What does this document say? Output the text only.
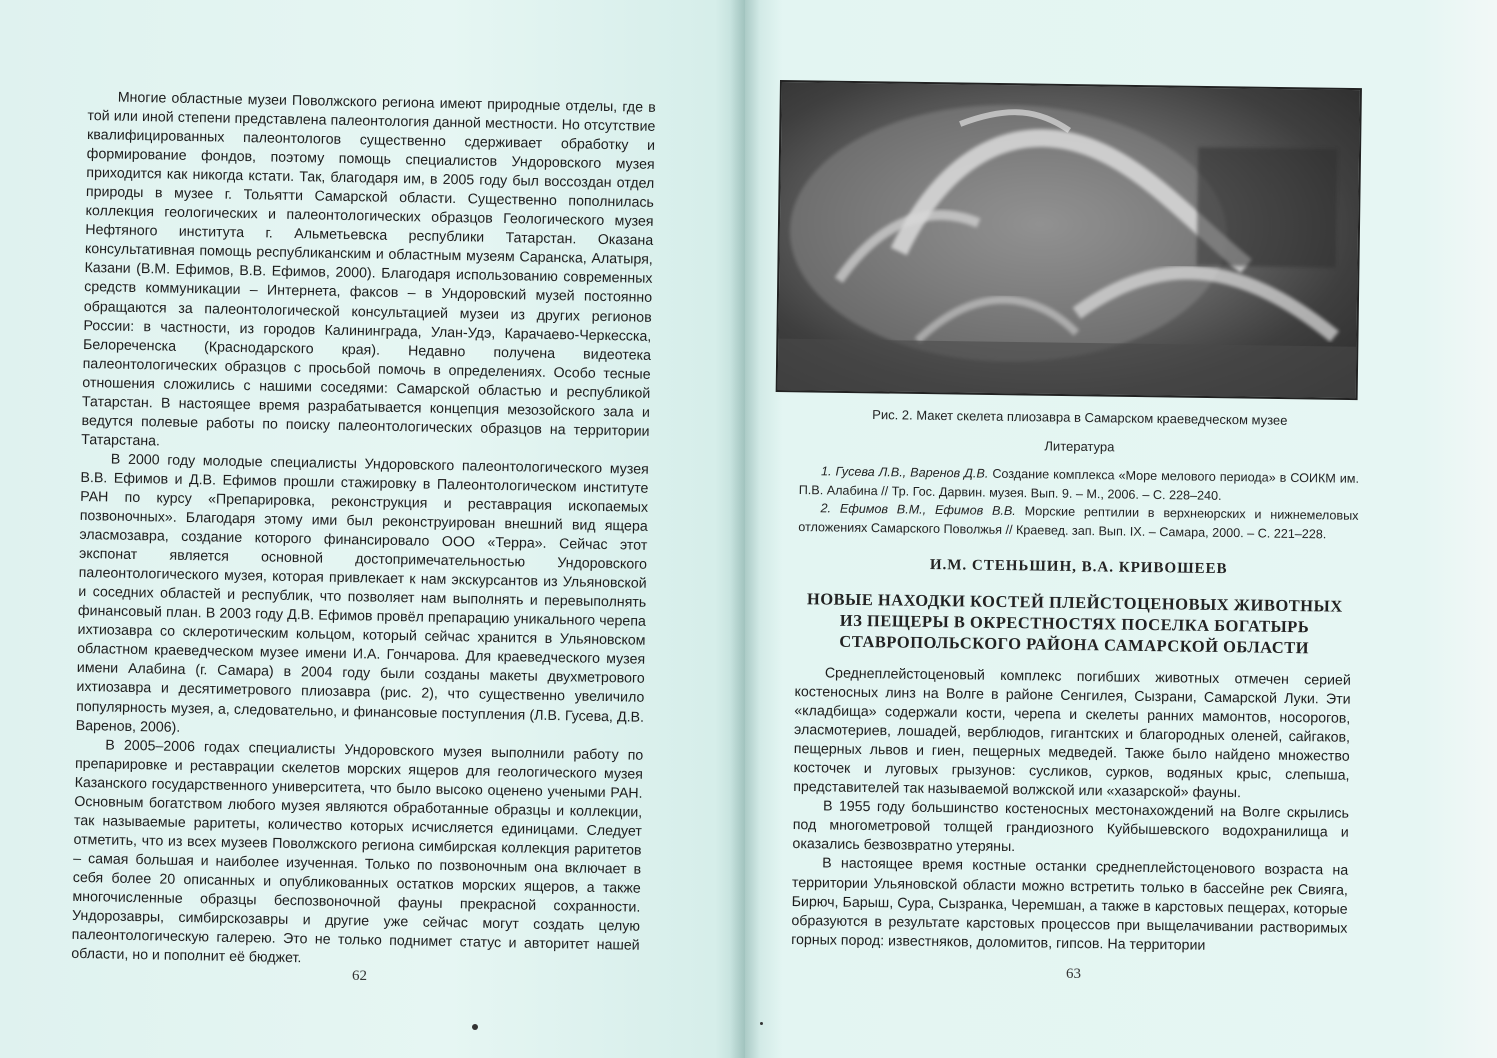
Многие областные музеи Поволжского региона имеют природные отделы, где в той или иной степени представлена палеонтология данной местности. Но отсутствие квалифицированных палеонтологов существенно сдерживает обработку и формирование фондов, поэтому помощь специалистов Ундоровского музея приходится как никогда кстати. Так, благодаря им, в 2005 году был воссоздан отдел природы в музее г. Тольятти Самарской области. Существенно пополнилась коллекция геологических и палеонтологических образцов Геологического музея Нефтяного института г. Альметьевска республики Татарстан. Оказана консультативная помощь республиканским и областным музеям Саранска, Алатыря, Казани (В.М. Ефимов, В.В. Ефимов, 2000). Благодаря использованию современных средств коммуникации – Интернета, факсов – в Ундоровский музей постоянно обращаются за палеонтологической консультацией музеи из других регионов России: в частности, из городов Калининграда, Улан-Удэ, Карачаево-Черкесска, Белореченска (Краснодарского края). Недавно получена видеотека палеонтологических образцов с просьбой помочь в определениях. Особо тесные отношения сложились с нашими соседями: Самарской областью и республикой Татарстан. В настоящее время разрабатывается концепция мезозойского зала и ведутся полевые работы по поиску палеонтологических образцов на территории Татарстана.

В 2000 году молодые специалисты Ундоровского палеонтологического музея В.В. Ефимов и Д.В. Ефимов прошли стажировку в Палеонтологическом институте РАН по курсу «Препарировка, реконструкция и реставрация ископаемых позвоночных». Благодаря этому ими был реконструирован внешний вид ящера эласмозавра, создание которого финансировало ООО «Терра». Сейчас этот экспонат является основной достопримечательностью Ундоровского палеонтологического музея, которая привлекает к нам экскурсантов из Ульяновской и соседних областей и республик, что позволяет нам выполнять и перевыполнять финансовый план. В 2003 году Д.В. Ефимов провёл препарацию уникального черепа ихтиозавра со склеротическим кольцом, который сейчас хранится в Ульяновском областном краеведческом музее имени И.А. Гончарова. Для краеведческого музея имени Алабина (г. Самара) в 2004 году были созданы макеты двухметрового ихтиозавра и десятиметрового плиозавра (рис. 2), что существенно увеличило популярность музея, а, следовательно, и финансовые поступления (Л.В. Гусева, Д.В. Варенов, 2006).

В 2005–2006 годах специалисты Ундоровского музея выполнили работу по препарировке и реставрации скелетов морских ящеров для геологического музея Казанского государственного университета, что было высоко оценено учеными РАН. Основным богатством любого музея являются обработанные образцы и коллекции, так называемые раритеты, количество которых исчисляется единицами. Следует отметить, что из всех музеев Поволжского региона симбирская коллекция раритетов – самая большая и наиболее изученная. Только по позвоночным она включает в себя более 20 описанных и опубликованных остатков морских ящеров, а также многочисленные образцы беспозвоночной фауны прекрасной сохранности. Ундорозавры, симбирскозавры и другие уже сейчас могут создать целую палеонтологическую галерею. Это не только поднимет статус и авторитет нашей области, но и пополнит её бюджет.

62	63

Рис. 2. Макет скелета плиозавра в Самарском краеведческом музее

Литература

1. Гусева Л.В., Варенов Д.В. Создание комплекса «Море мелового периода» в СОИКМ им. П.В. Алабина // Тр. Гос. Дарвин. музея. Вып. 9. – М., 2006. – С. 228–240.

2. Ефимов В.М., Ефимов В.В. Морские рептилии в верхнеюрских и нижнемеловых отложениях Самарского Поволжья // Краевед. зап. Вып. IX. – Самара, 2000. – С. 221–228.

И.М. СТЕНЬШИН, В.А. КРИВОШЕЕВ
НОВЫЕ НАХОДКИ КОСТЕЙ ПЛЕЙСТОЦЕНОВЫХ ЖИВОТНЫХ
ИЗ ПЕЩЕРЫ В ОКРЕСТНОСТЯХ ПОСЕЛКА БОГАТЫРЬ
СТАВРОПОЛЬСКОГО РАЙОНА САМАРСКОЙ ОБЛАСТИ

Среднеплейстоценовый комплекс погибших животных отмечен серией костеносных линз на Волге в районе Сенгилея, Сызрани, Самарской Луки. Эти «кладбища» содержали кости, черепа и скелеты ранних мамонтов, носорогов, эласмотериев, лошадей, верблюдов, гигантских и благородных оленей, сайгаков, пещерных львов и гиен, пещерных медведей. Также было найдено множество косточек и луговых грызунов: сусликов, сурков, водяных крыс, слепыша, представителей так называемой волжской или «хазарской» фауны.

В 1955 году большинство костеносных местонахождений на Волге скрылись под многометровой толщей грандиозного Куйбышевского водохранилища и оказались безвозвратно утеряны.

В настоящее время костные останки среднеплейстоценового возраста на территории Ульяновской области можно встретить только в бассейне рек Свияга, Бирюч, Барыш, Сура, Сызранка, Черемшан, а также в карстовых пещерах, которые образуются в результате карстовых процессов при выщелачивании растворимых горных пород: известняков, доломитов, гипсов. На территории
